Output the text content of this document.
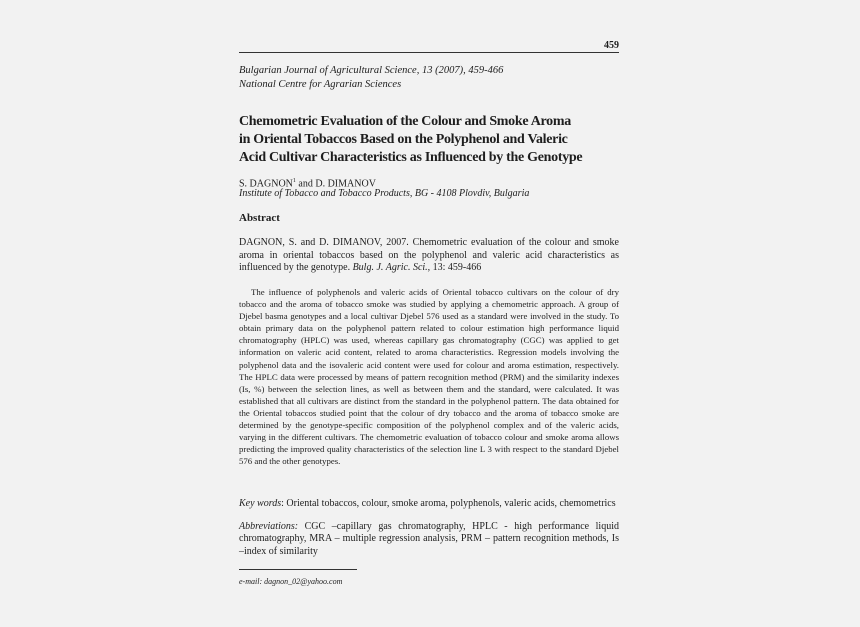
459
Bulgarian Journal of Agricultural Science, 13 (2007), 459-466
National Centre for Agrarian Sciences
Chemometric Evaluation of the Colour and Smoke Aroma
in Oriental Tobaccos Based on the Polyphenol and Valeric
Acid Cultivar Characteristics as Influenced by the Genotype
S. DAGNON$^1$ and D. DIMANOV
Institute of Tobacco and Tobacco Products, BG - 4108 Plovdiv, Bulgaria
Abstract
DAGNON, S. and D. DIMANOV, 2007. Chemometric evaluation of the colour and smoke aroma in oriental tobaccos based on the polyphenol and valeric acid characteristics as influenced by the genotype. Bulg. J. Agric. Sci., 13: 459-466
The influence of polyphenols and valeric acids of Oriental tobacco cultivars on the colour of dry tobacco and the aroma of tobacco smoke was studied by applying a chemometric approach. A group of Djebel basma genotypes and a local cultivar Djebel 576 used as a standard were involved in the study. To obtain primary data on the polyphenol pattern related to colour estimation high performance liquid chromatography (HPLC) was used, whereas capillary gas chromatography (CGC) was applied to get information on valeric acid content, related to aroma characteristics. Regression models involving the polyphenol data and the isovaleric acid content were used for colour and aroma estimation, respectively. The HPLC data were processed by means of pattern recognition method (PRM) and the similarity indexes (Is, %) between the selection lines, as well as between them and the standard, were calculated. It was established that all cultivars are distinct from the standard in the polyphenol pattern. The data obtained for the Oriental tobaccos studied point that the colour of dry tobacco and the aroma of tobacco smoke are determined by the genotype-specific composition of the polyphenol complex and of the valeric acids, varying in the different cultivars. The chemometric evaluation of tobacco colour and smoke aroma allows predicting the improved quality characteristics of the selection line L 3 with respect to the standard Djebel 576 and the other genotypes.
Key words: Oriental tobaccos, colour, smoke aroma, polyphenols, valeric acids, chemometrics
Abbreviations: CGC –capillary gas chromatography, HPLC - high performance liquid chromatography, MRA – multiple regression analysis, PRM – pattern recognition methods, Is –index of similarity
e-mail: dagnon_02@yahoo.com
